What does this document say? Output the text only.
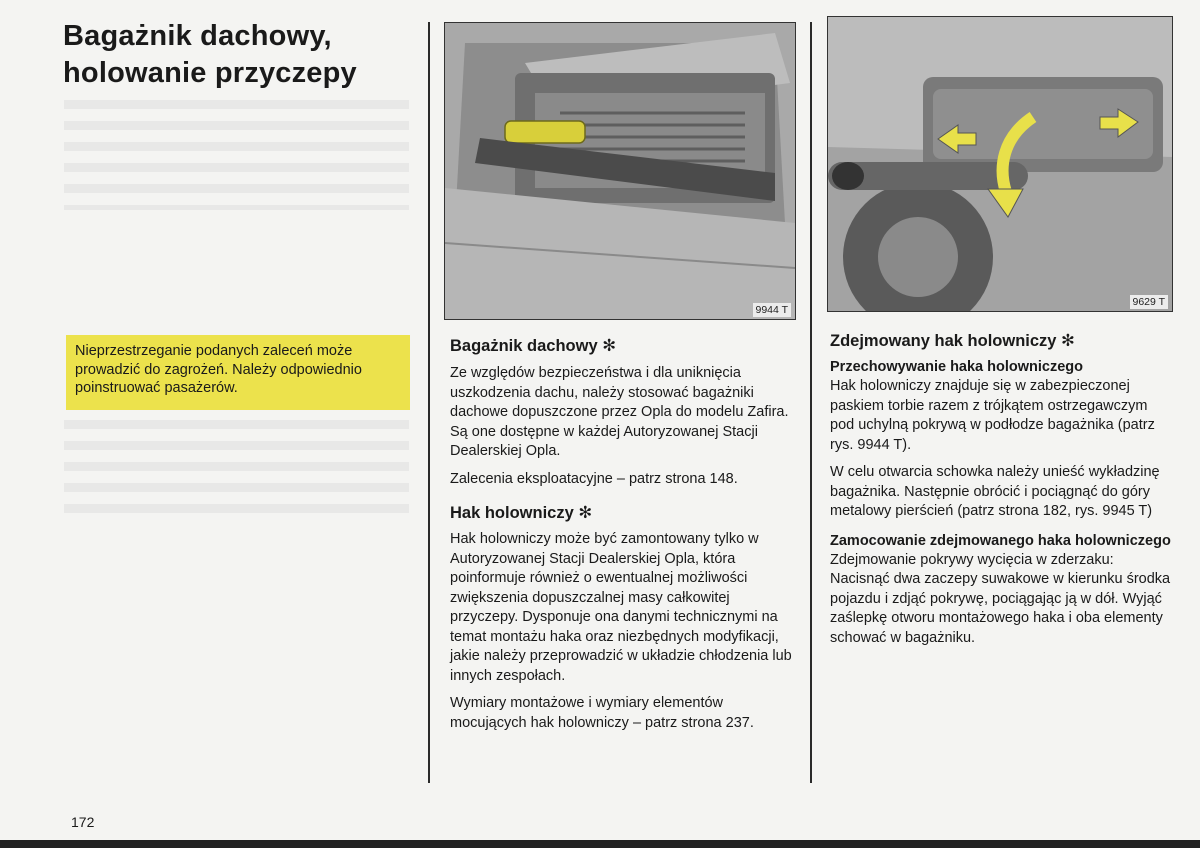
Bagażnik dachowy,
holowanie przyczepy
Nieprzestrzeganie podanych zaleceń może prowadzić do zagrożeń. Należy odpowiednio poinstruować pasażerów.
9944 T
Bagażnik dachowy ✻

Ze względów bezpieczeństwa i dla uniknięcia uszkodzenia dachu, należy stosować bagażniki dachowe dopuszczone przez Opla do modelu Zafira. Są one dostępne w każdej Autoryzowanej Stacji Dealerskiej Opla.

Zalecenia eksploatacyjne – patrz strona 148.

Hak holowniczy ✻

Hak holowniczy może być zamontowany tylko w Autoryzowanej Stacji Dealerskiej Opla, która poinformuje również o ewentualnej możliwości zwiększenia dopuszczalnej masy całkowitej przyczepy. Dysponuje ona danymi technicznymi na temat montażu haka oraz niezbędnych modyfikacji, jakie należy przeprowadzić w układzie chłodzenia lub innych zespołach.

Wymiary montażowe i wymiary elementów mocujących hak holowniczy – patrz strona 237.

9629 T
Zdejmowany hak holowniczy ✻
Przechowywanie haka holowniczego

Hak holowniczy znajduje się w zabezpieczonej paskiem torbie razem z trójkątem ostrzegawczym pod uchylną pokrywą w podłodze bagażnika (patrz rys. 9944 T).

W celu otwarcia schowka należy unieść wykładzinę bagażnika. Następnie obrócić i pociągnąć do góry metalowy pierścień (patrz strona 182, rys. 9945 T)

Zamocowanie zdejmowanego haka holowniczego

Zdejmowanie pokrywy wycięcia w zderzaku: Nacisnąć dwa zaczepy suwakowe w kierunku środka pojazdu i zdjąć pokrywę, pociągając ją w dół. Wyjąć zaślepkę otworu montażowego haka i oba elementy schować w bagażniku.

172
